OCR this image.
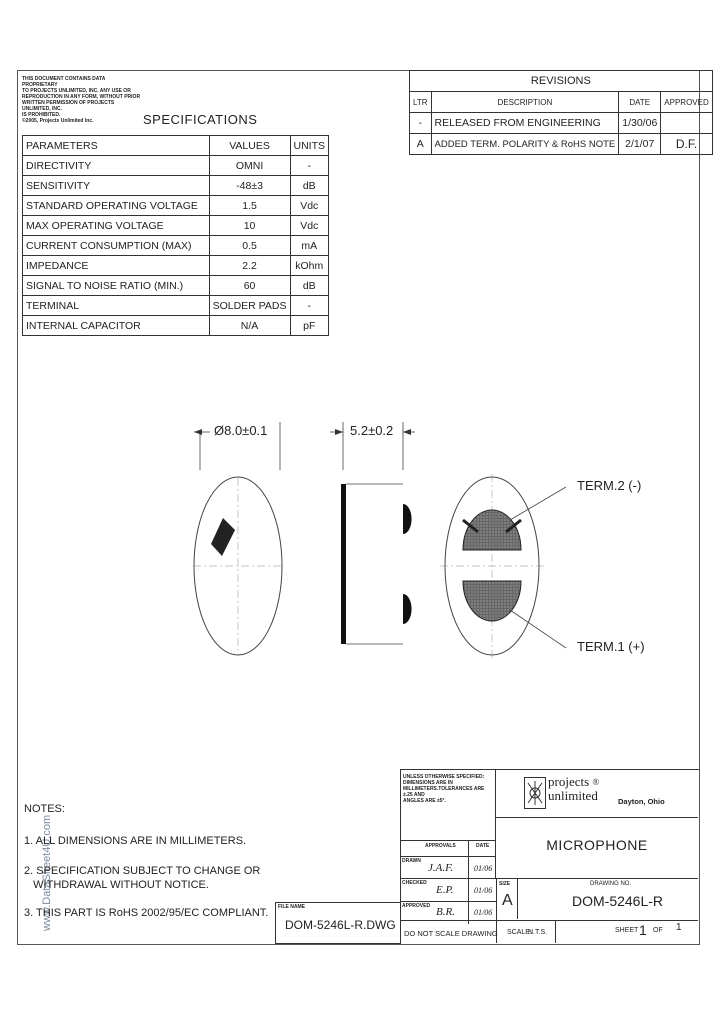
www.DataSheet4U.com
THIS DOCUMENT CONTAINS DATA PROPRIETARY
TO PROJECTS UNLIMITED, INC. ANY USE OR
REPRODUCTION IN ANY FORM, WITHOUT PRIOR
WRITTEN PERMISSION OF PROJECTS UNLIMITED, INC.
IS PROHIBITED.
©2005, Projects Unlimited Inc.	SPECIFICATIONS
PARAMETERS	VALUES	UNITS
DIRECTIVITY	OMNI	-
SENSITIVITY	-48±3	dB
STANDARD OPERATING VOLTAGE	1.5	Vdc
MAX OPERATING VOLTAGE	10	Vdc
CURRENT CONSUMPTION (MAX)	0.5	mA
IMPEDANCE	2.2	kOhm
SIGNAL TO NOISE RATIO (MIN.)	60	dB
TERMINAL	SOLDER PADS	-
INTERNAL CAPACITOR	N/A	pF
REVISIONS			
LTR	DESCRIPTION	DATE	APPROVED
-	RELEASED FROM ENGINEERING	1/30/06	
A	ADDED TERM. POLARITY & RoHS NOTE	2/1/07	D.F.
Ø8.0±0.1	5.2±0.2
TERM.2 (-)
TERM.1 (+)
NOTES:
1. ALL DIMENSIONS ARE IN MILLIMETERS.
2. SPECIFICATION SUBJECT TO CHANGE OR
WITHDRAWAL WITHOUT NOTICE.
3. THIS PART IS RoHS 2002/95/EC COMPLIANT.
UNLESS OTHERWISE SPECIFIED:
DIMENSIONS ARE IN
MILLIMETERS.TOLERANCES ARE ±.25 AND
ANGLES ARE ±5°.
projects ®
unlimited	Dayton, Ohio
MICROPHONE
APPROVALS	DATE
DRAWN
J.A.F.	01/06
CHECKED
E.P.	01/06
APPROVED B.R. 01/06
SIZE
A
DRAWING NO.
DOM-5246L-R
FILE NAME
DOM-5246L-R.DWG
DO NOT SCALE DRAWING SCALE:
N.T.S.	SHEET 1 OF 1
